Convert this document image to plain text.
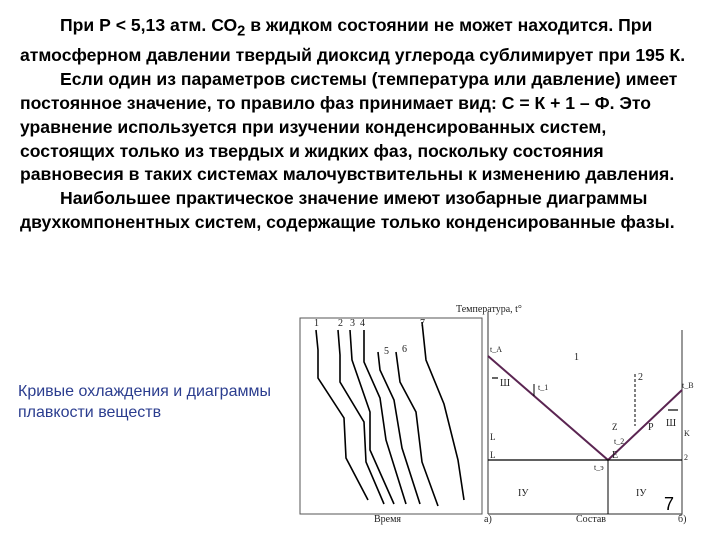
При Р < 5,13 атм. $СО_2$ в жидком состоянии не может находится. При атмосферном давлении твердый диоксид углерода сублимирует при 195 К.

Если один из параметров системы (температура или давление) имеет постоянное значение, то правило фаз принимает вид: С = К + 1 – Ф. Это уравнение используется при изучении конденсированных систем, состоящих только из твердых и жидких фаз, поскольку состояния равновесия в таких системах малочувствительны к изменению давления.

Наибольшее практическое значение имеют изобарные диаграммы двухкомпонентных систем, содержащие только конденсированные фазы.

Кривые охлаждения и диаграммы плавкости веществ
1 2 3 4
5 6
7
Время	а)
Температура, t°
1
2
Ш
Ш
ІУ	ІУ
t_A
t_B
t_э
t_1
t_2
E
P
L
L
K
2
Z
Состав	б)
7
